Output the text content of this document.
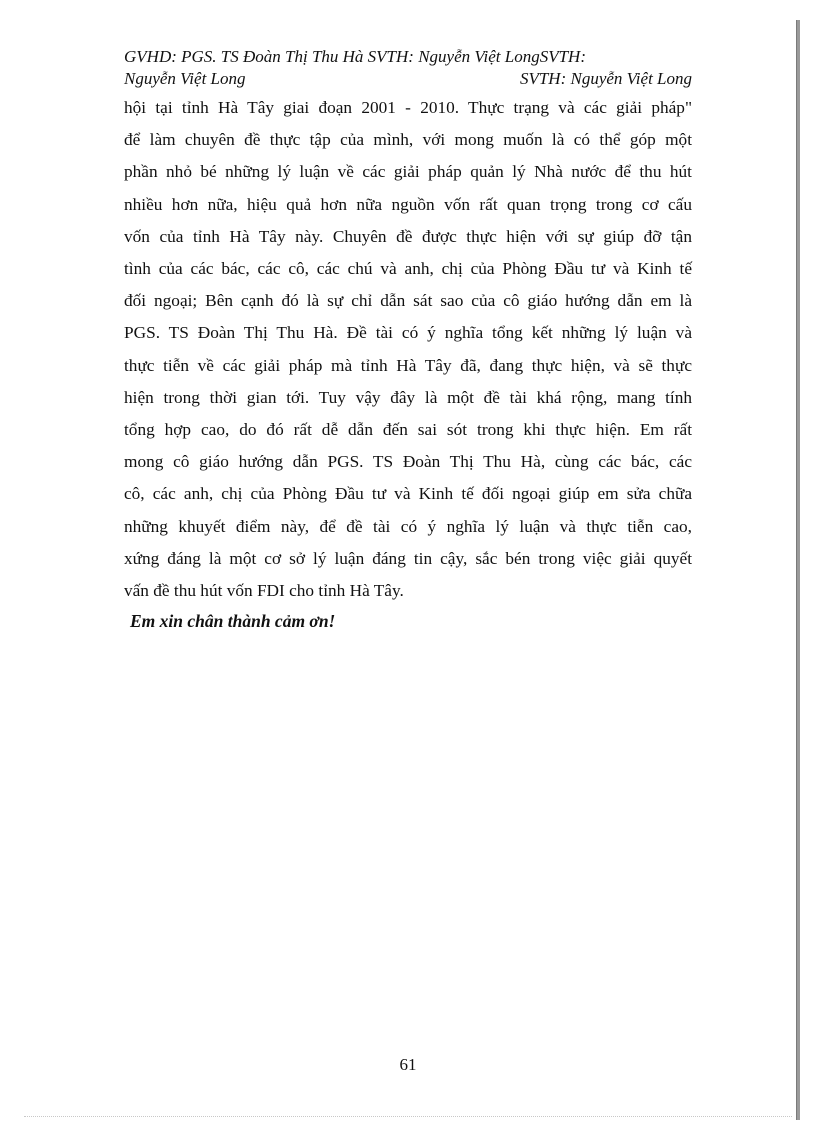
GVHD: PGS. TS Đoàn Thị Thu Hà SVTH: Nguyễn Việt LongSVTH:
Nguyễn Việt Long	SVTH: Nguyễn Việt Long
hội tại tỉnh Hà Tây giai đoạn 2001 - 2010. Thực trạng và các giải pháp"
để làm chuyên đề thực tập của mình, với mong muốn là có thể góp một
phần nhỏ bé những lý luận về các giải pháp quản lý Nhà nước để thu hút
nhiều hơn nữa, hiệu quả hơn nữa nguồn vốn rất quan trọng trong cơ cấu
vốn của tỉnh Hà Tây này. Chuyên đề được thực hiện với sự giúp đỡ tận
tình của các bác, các cô, các chú và anh, chị của Phòng Đầu tư và Kinh tế
đối ngoại; Bên cạnh đó là sự chỉ dẫn sát sao của cô giáo hướng dẫn em là
PGS. TS Đoàn Thị Thu Hà. Đề tài có ý nghĩa tổng kết những lý luận và
thực tiễn về các giải pháp mà tỉnh Hà Tây đã, đang thực hiện, và sẽ thực
hiện trong thời gian tới. Tuy vậy đây là một đề tài khá rộng, mang tính
tổng hợp cao, do đó rất dễ dẫn đến sai sót trong khi thực hiện. Em rất
mong cô giáo hướng dẫn PGS. TS Đoàn Thị Thu Hà, cùng các bác, các
cô, các anh, chị của Phòng Đầu tư và Kinh tế đối ngoại giúp em sửa chữa
những khuyết điểm này, để đề tài có ý nghĩa lý luận và thực tiễn cao,
xứng đáng là một cơ sở lý luận đáng tin cậy, sắc bén trong việc giải quyết
vấn đề thu hút vốn FDI cho tỉnh Hà Tây.
Em xin chân thành cảm ơn!
61
